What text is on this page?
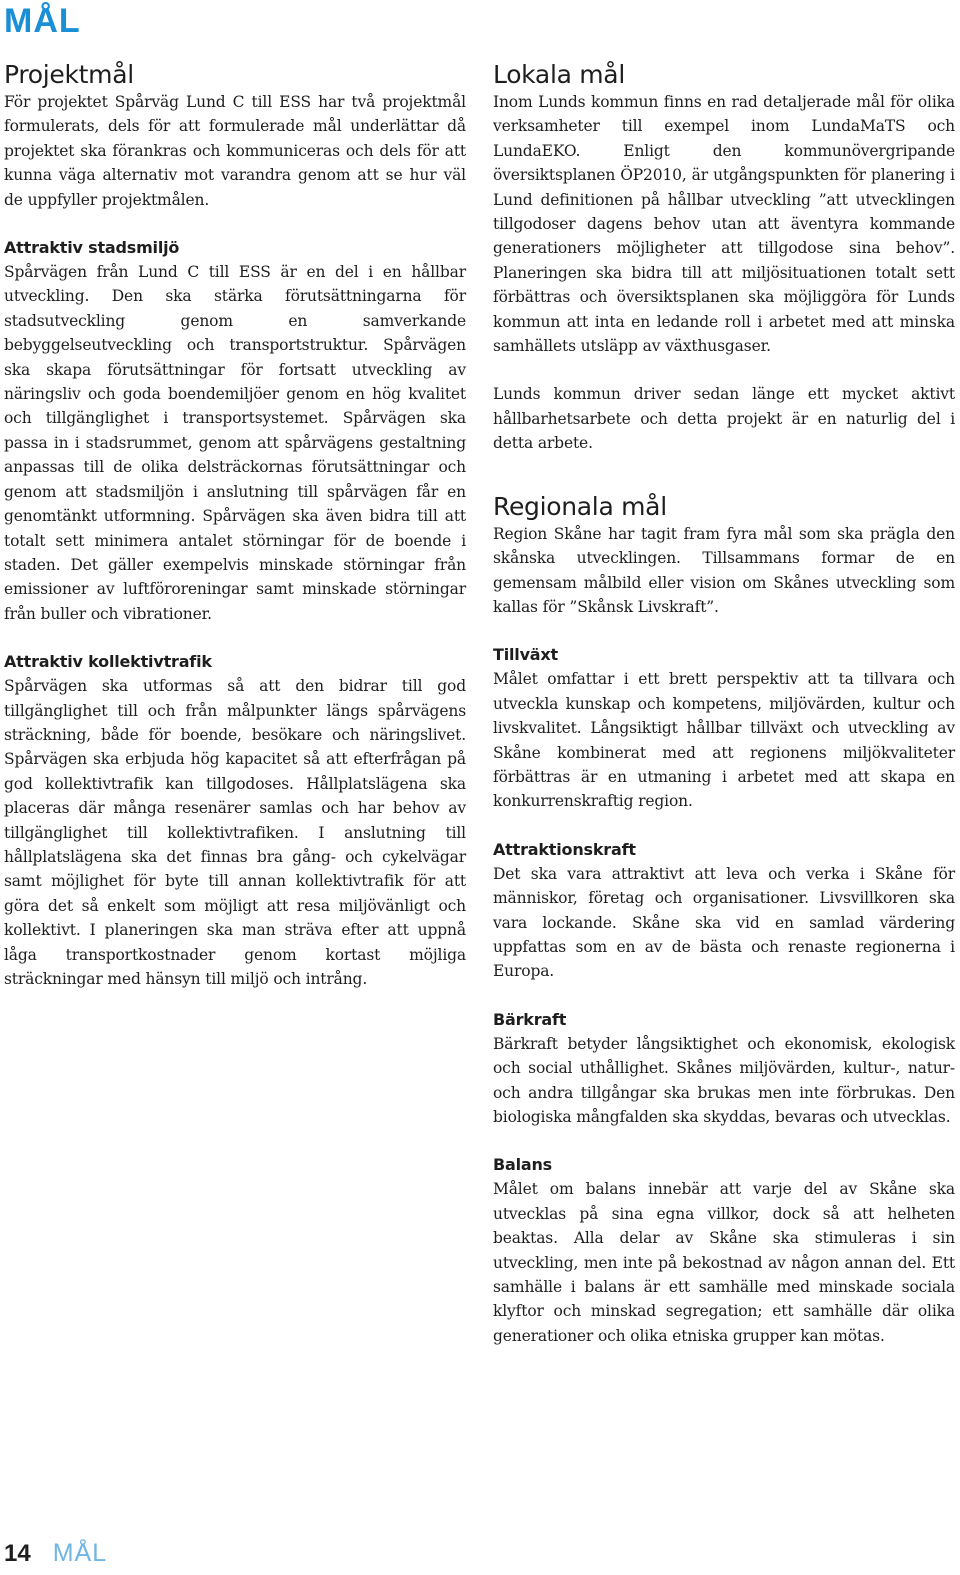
MÅL
Projektmål

För projektet Spårväg Lund C till ESS har två projektmål formulerats, dels för att formulerade mål underlättar då projektet ska förankras och kommuniceras och dels för att kunna väga alternativ mot varandra genom att se hur väl de uppfyller projektmålen.

Attraktiv stadsmiljö

Spårvägen från Lund C till ESS är en del i en hållbar utveckling. Den ska stärka förutsättningarna för stadsutveckling genom en samverkande bebyggelseutveckling och transportstruktur. Spårvägen ska skapa förutsättningar för fortsatt utveckling av näringsliv och goda boendemiljöer genom en hög kvalitet och tillgänglighet i transportsystemet. Spårvägen ska passa in i stadsrummet, genom att spårvägens gestaltning anpassas till de olika delsträckornas förutsättningar och genom att stadsmiljön i anslutning till spårvägen får en genomtänkt utformning. Spårvägen ska även bidra till att totalt sett minimera antalet störningar för de boende i staden. Det gäller exempelvis minskade störningar från emissioner av luftföroreningar samt minskade störningar från buller och vibrationer.

Attraktiv kollektivtrafik

Spårvägen ska utformas så att den bidrar till god tillgänglighet till och från målpunkter längs spårvägens sträckning, både för boende, besökare och näringslivet. Spårvägen ska erbjuda hög kapacitet så att efterfrågan på god kollektivtrafik kan tillgodoses. Hållplatslägena ska placeras där många resenärer samlas och har behov av tillgänglighet till kollektivtrafiken. I anslutning till hållplatslägena ska det finnas bra gång- och cykelvägar samt möjlighet för byte till annan kollektivtrafik för att göra det så enkelt som möjligt att resa miljövänligt och kollektivt. I planeringen ska man sträva efter att uppnå låga transportkostnader genom kortast möjliga sträckningar med hänsyn till miljö och intrång.

Lokala mål

Inom Lunds kommun finns en rad detaljerade mål för olika verksamheter till exempel inom LundaMaTS och LundaEKO. Enligt den kommunövergripande översiktsplanen ÖP2010, är utgångspunkten för planering i Lund definitionen på hållbar utveckling ”att utvecklingen tillgodoser dagens behov utan att äventyra kommande generationers möjligheter att tillgodose sina behov”. Planeringen ska bidra till att miljösituationen totalt sett förbättras och översiktsplanen ska möjliggöra för Lunds kommun att inta en ledande roll i arbetet med att minska samhällets utsläpp av växthusgaser.

Lunds kommun driver sedan länge ett mycket aktivt hållbarhetsarbete och detta projekt är en naturlig del i detta arbete.

Regionala mål

Region Skåne har tagit fram fyra mål som ska prägla den skånska utvecklingen. Tillsammans formar de en gemensam målbild eller vision om Skånes utveckling som kallas för ”Skånsk Livskraft”.

Tillväxt

Målet omfattar i ett brett perspektiv att ta tillvara och utveckla kunskap och kompetens, miljövärden, kultur och livskvalitet. Långsiktigt hållbar tillväxt och utveckling av Skåne kombinerat med att regionens miljökvaliteter förbättras är en utmaning i arbetet med att skapa en konkurrenskraftig region.

Attraktionskraft

Det ska vara attraktivt att leva och verka i Skåne för människor, företag och organisationer. Livsvillkoren ska vara lockande. Skåne ska vid en samlad värdering uppfattas som en av de bästa och renaste regionerna i Europa.

Bärkraft

Bärkraft betyder långsiktighet och ekonomisk, ekologisk och social uthållighet. Skånes miljövärden, kultur-, natur- och andra tillgångar ska brukas men inte förbrukas. Den biologiska mångfalden ska skyddas, bevaras och utvecklas.

Balans

Målet om balans innebär att varje del av Skåne ska utvecklas på sina egna villkor, dock så att helheten beaktas. Alla delar av Skåne ska stimuleras i sin utveckling, men inte på bekostnad av någon annan del. Ett samhälle i balans är ett samhälle med minskade sociala klyftor och minskad segregation; ett samhälle där olika generationer och olika etniska grupper kan mötas.

14 MÅL
